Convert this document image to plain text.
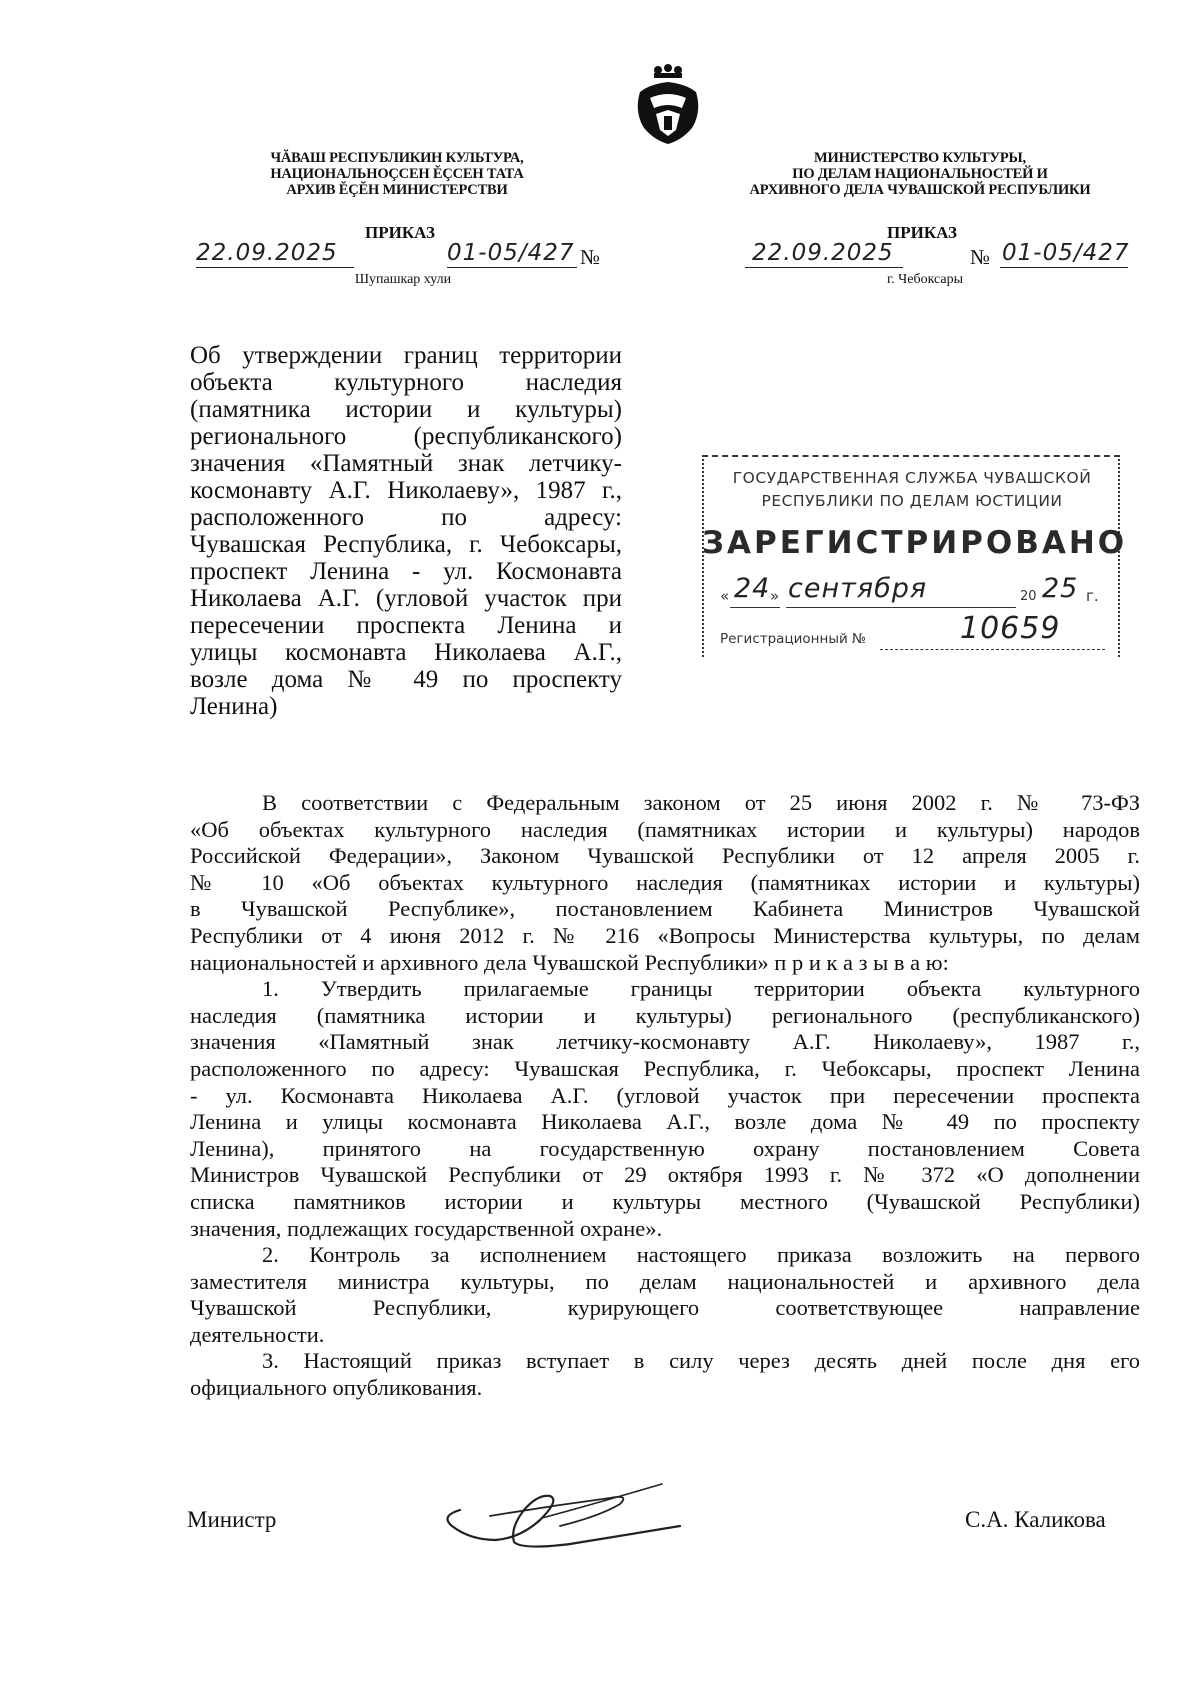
ЧĂВАШ РЕСПУБЛИКИН КУЛЬТУРА,
НАЦИОНАЛЬНОÇСЕН ĔÇСЕН ТАТА
АРХИВ ĔÇĔН МИНИСТЕРСТВИ
ПРИКАЗ
22.09.2025	01-05/427 №
Шупашкар хули
МИНИСТЕРСТВО КУЛЬТУРЫ,
ПО ДЕЛАМ НАЦИОНАЛЬНОСТЕЙ И
АРХИВНОГО ДЕЛА ЧУВАШСКОЙ РЕСПУБЛИКИ
ПРИКАЗ
22.09.2025	№ 01-05/427
г. Чебоксары
Об утверждении границ территории
объекта культурного наследия
(памятника истории и культуры)
регионального (республиканского)
значения «Памятный знак летчику-
космонавту А.Г. Николаеву», 1987 г.,
расположенного по адресу:
Чувашская Республика, г. Чебоксары,
проспект Ленина - ул. Космонавта
Николаева А.Г. (угловой участок при
пересечении проспекта Ленина и
улицы космонавта Николаева А.Г.,
возле дома № 49 по проспекту
Ленина)
ГОСУДАРСТВЕННАЯ СЛУЖБА ЧУВАШСКОЙ
РЕСПУБЛИКИ ПО ДЕЛАМ ЮСТИЦИИ
ЗАРЕГИСТРИРОВАНО
« 24 » сентября	20 25 г.
Регистрационный №	10659

В соответствии с Федеральным законом от 25 июня 2002 г. № 73-ФЗ
«Об объектах культурного наследия (памятниках истории и культуры) народов
Российской Федерации», Законом Чувашской Республики от 12 апреля 2005 г.
№ 10 «Об объектах культурного наследия (памятниках истории и культуры)
в Чувашской Республике», постановлением Кабинета Министров Чувашской
Республики от 4 июня 2012 г. № 216 «Вопросы Министерства культуры, по делам
национальностей и архивного дела Чувашской Республики» п р и к а з ы в а ю:

1. Утвердить прилагаемые границы территории объекта культурного
наследия (памятника истории и культуры) регионального (республиканского)
значения «Памятный знак летчику-космонавту А.Г. Николаеву», 1987 г.,
расположенного по адресу: Чувашская Республика, г. Чебоксары, проспект Ленина
- ул. Космонавта Николаева А.Г. (угловой участок при пересечении проспекта
Ленина и улицы космонавта Николаева А.Г., возле дома № 49 по проспекту
Ленина), принятого на государственную охрану постановлением Совета
Министров Чувашской Республики от 29 октября 1993 г. № 372 «О дополнении
списка памятников истории и культуры местного (Чувашской Республики)
значения, подлежащих государственной охране».

2. Контроль за исполнением настоящего приказа возложить на первого
заместителя министра культуры, по делам национальностей и архивного дела
Чувашской Республики, курирующего соответствующее направление
деятельности.

3. Настоящий приказ вступает в силу через десять дней после дня его
официального опубликования.

Министр	С.А. Каликова
